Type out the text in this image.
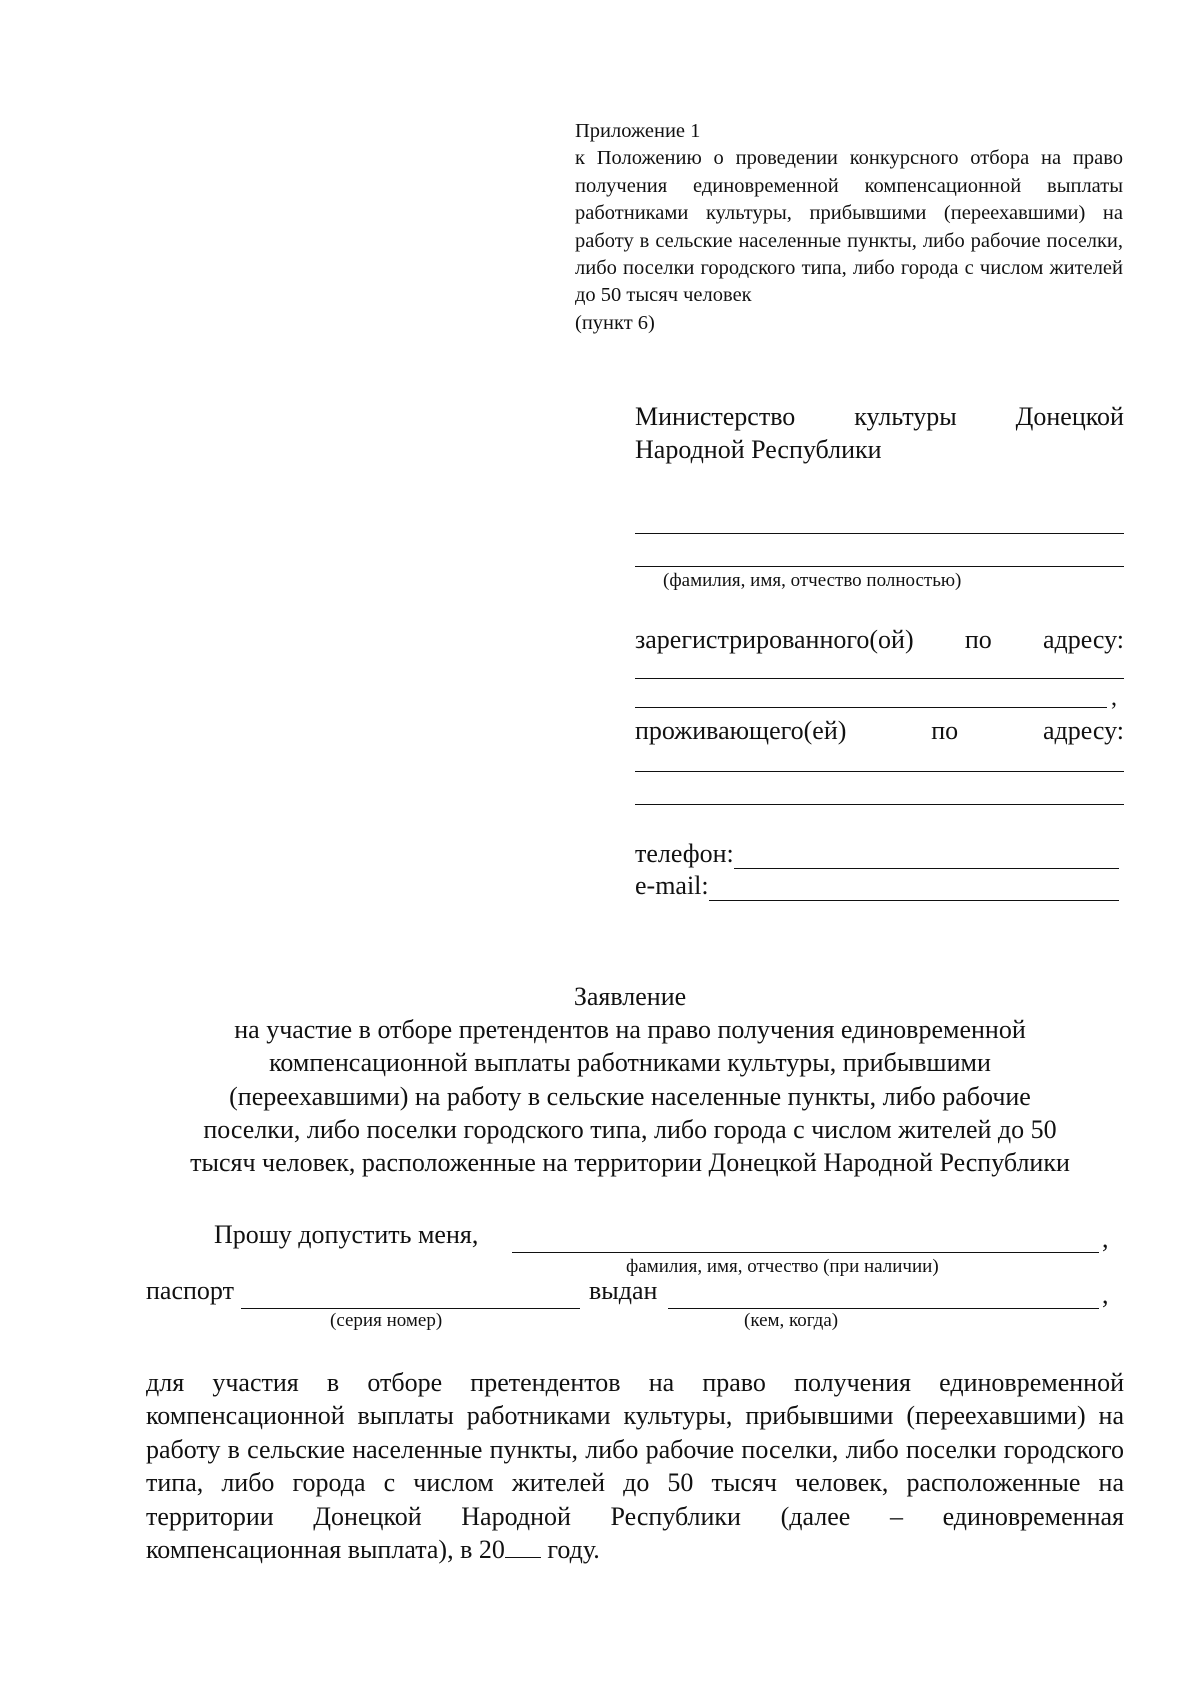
Приложение 1
к Положению о проведении конкурсного отбора на право получения единовременной компенсационной выплаты работниками культуры, прибывшими (переехавшими) на работу в сельские населенные пункты, либо рабочие поселки, либо поселки городского типа, либо города с числом жителей до 50 тысяч человек
(пункт 6)
Министерство культуры Донецкой
Народной Республики
(фамилия, имя, отчество полностью)
зарегистрированного(ой) по адресу:
,
проживающего(ей)	по	адресу:
телефон:
e-mail:
Заявление
на участие в отборе претендентов на право получения единовременной
компенсационной выплаты работниками культуры, прибывшими
(переехавшими) на работу в сельские населенные пункты, либо рабочие
поселки, либо поселки городского типа, либо города с числом жителей до 50
тысяч человек, расположенные на территории Донецкой Народной Республики
Прошу допустить меня,	,
фамилия, имя, отчество (при наличии)
паспорт	выдан	,
(серия номер)	(кем, когда)
для участия в отборе претендентов на право получения единовременной компенсационной выплаты работниками культуры, прибывшими (переехавшими) на работу в сельские населенные пункты, либо рабочие поселки, либо поселки городского типа, либо города с числом жителей до 50 тысяч человек, расположенные на территории Донецкой Народной Республики (далее – единовременная компенсационная выплата), в 20 году.
